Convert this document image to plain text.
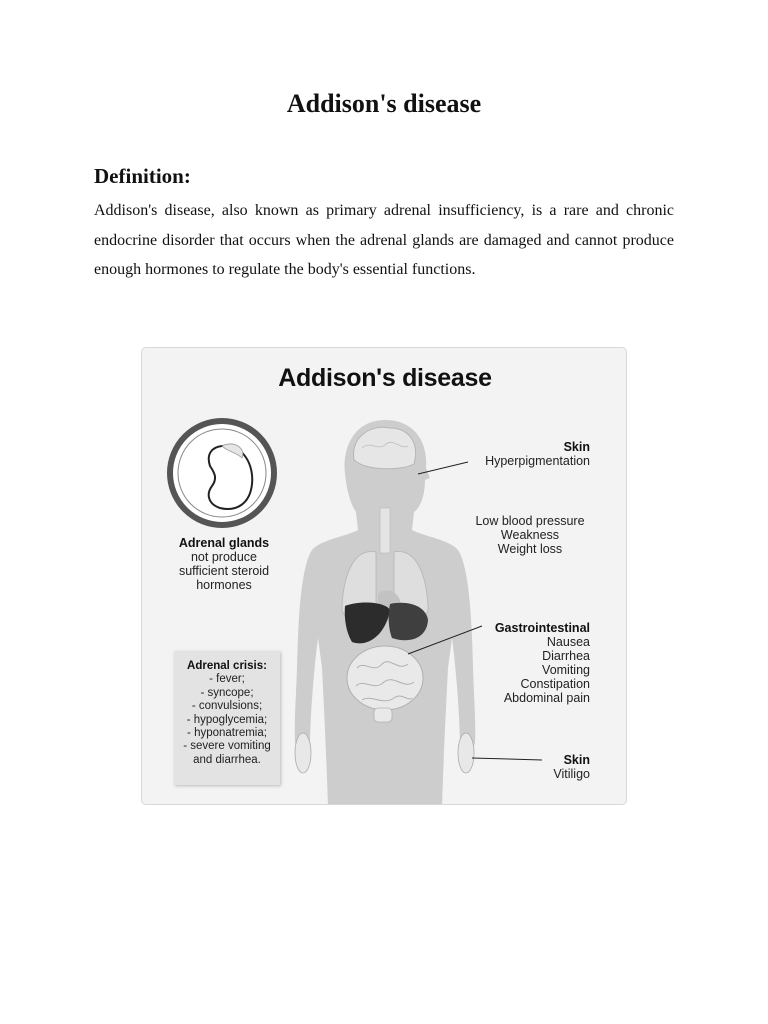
Addison's disease
Definition:
Addison's disease, also known as primary adrenal insufficiency, is a rare and chronic endocrine disorder that occurs when the adrenal glands are damaged and cannot produce enough hormones to regulate the body's essential functions.
Addison's disease
Adrenal glands
not produce
sufficient steroid
hormones
Skin
Hyperpigmentation
Low blood pressure
Weakness
Weight loss
Gastrointestinal
Nausea
Diarrhea
Vomiting
Constipation
Abdominal pain
Skin
Vitiligo
Adrenal crisis:
- fever;
- syncope;
- convulsions;
- hypoglycemia;
- hyponatremia;
- severe vomiting
and diarrhea.
